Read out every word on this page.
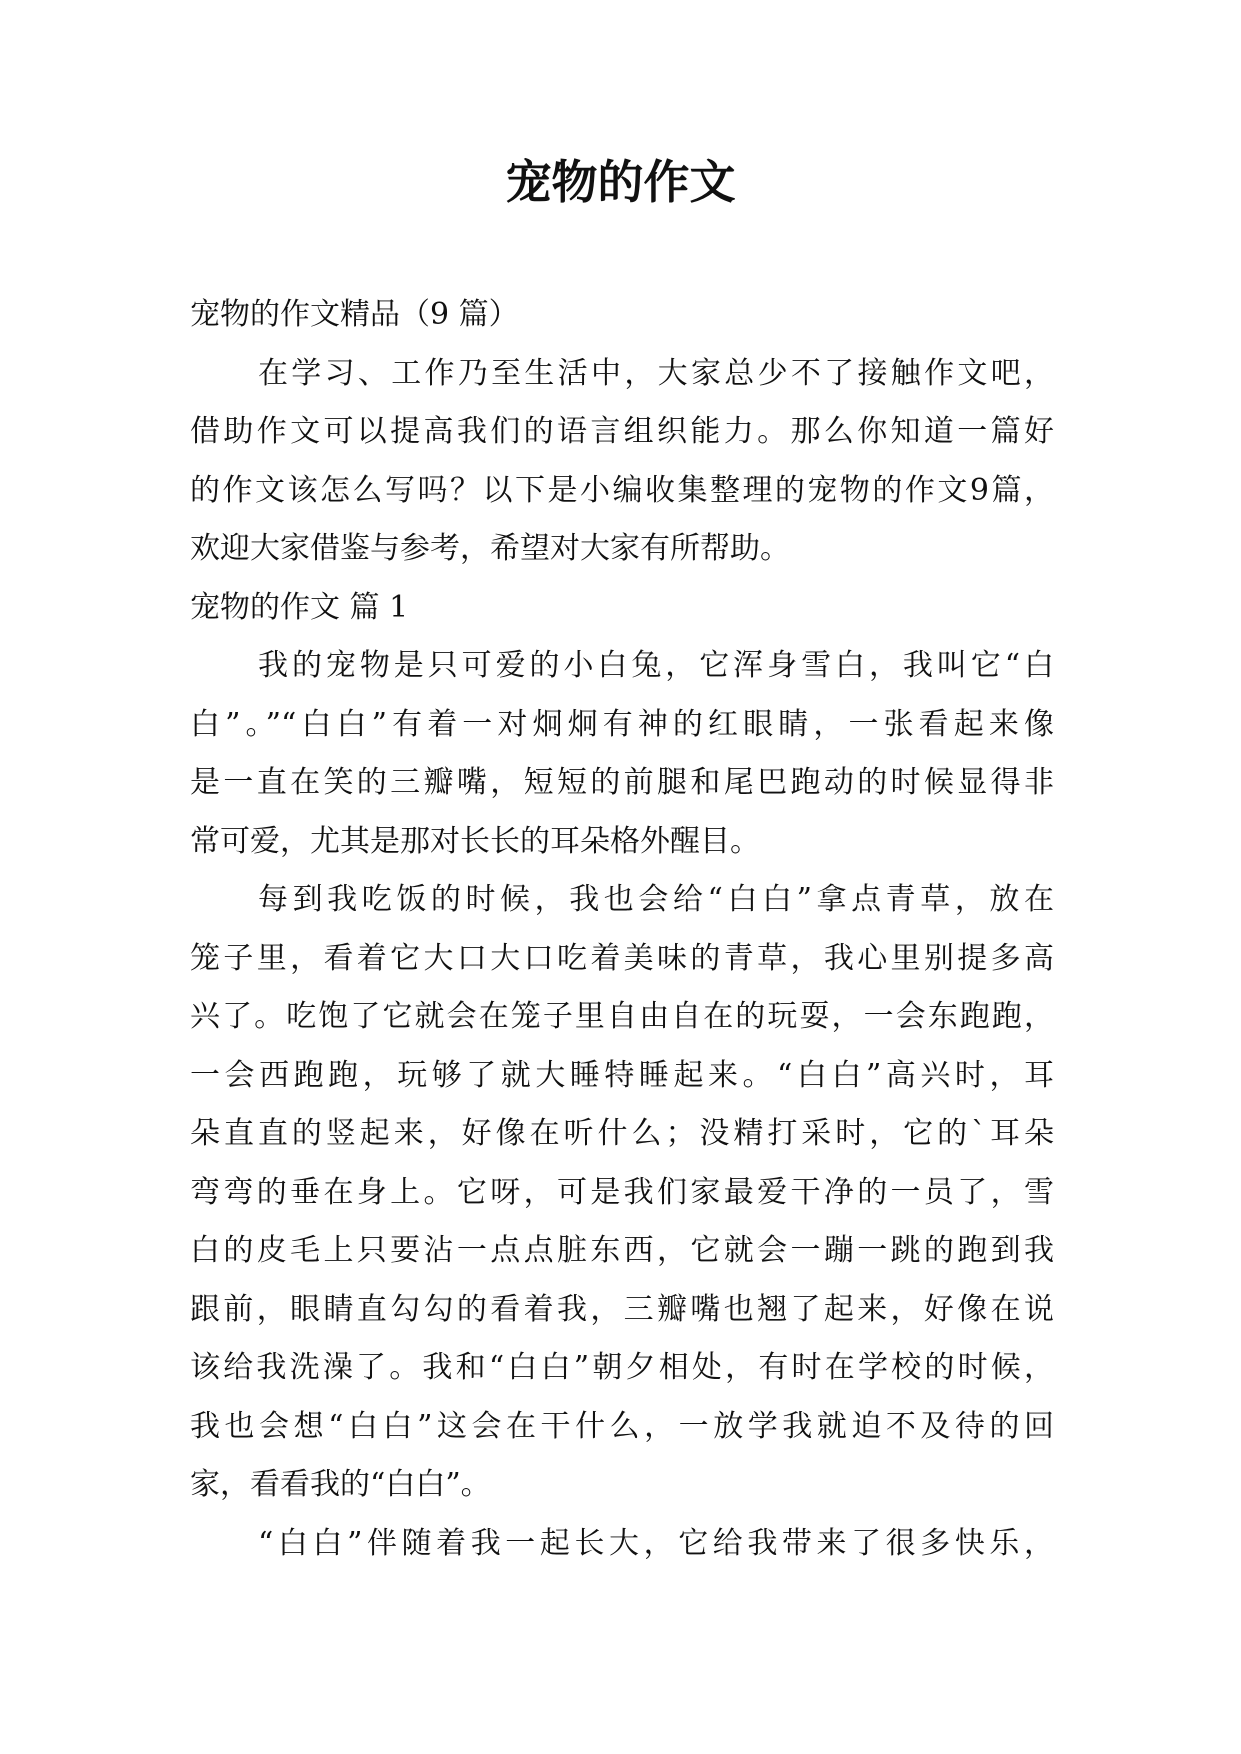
宠物的作文

宠物的作文精品（9 篇）

在学习、工作乃至生活中，大家总少不了接触作文吧，

借助作文可以提高我们的语言组织能力。那么你知道一篇好

的作文该怎么写吗？以下是小编收集整理的宠物的作文9篇，

欢迎大家借鉴与参考，希望对大家有所帮助。

宠物的作文 篇 1

我的宠物是只可爱的小白兔，它浑身雪白，我叫它“白

白”。”“白白”有着一对炯炯有神的红眼睛，一张看起来像

是一直在笑的三瓣嘴，短短的前腿和尾巴跑动的时候显得非

常可爱，尤其是那对长长的耳朵格外醒目。

每到我吃饭的时候，我也会给“白白”拿点青草，放在

笼子里，看着它大口大口吃着美味的青草，我心里别提多高

兴了。吃饱了它就会在笼子里自由自在的玩耍，一会东跑跑，

一会西跑跑，玩够了就大睡特睡起来。“白白”高兴时，耳

朵直直的竖起来，好像在听什么；没精打采时，它的`耳朵

弯弯的垂在身上。它呀，可是我们家最爱干净的一员了，雪

白的皮毛上只要沾一点点脏东西，它就会一蹦一跳的跑到我

跟前，眼睛直勾勾的看着我，三瓣嘴也翘了起来，好像在说

该给我洗澡了。我和“白白”朝夕相处，有时在学校的时候，

我也会想“白白”这会在干什么，一放学我就迫不及待的回

家，看看我的“白白”。

“白白”伴随着我一起长大，它给我带来了很多快乐，
